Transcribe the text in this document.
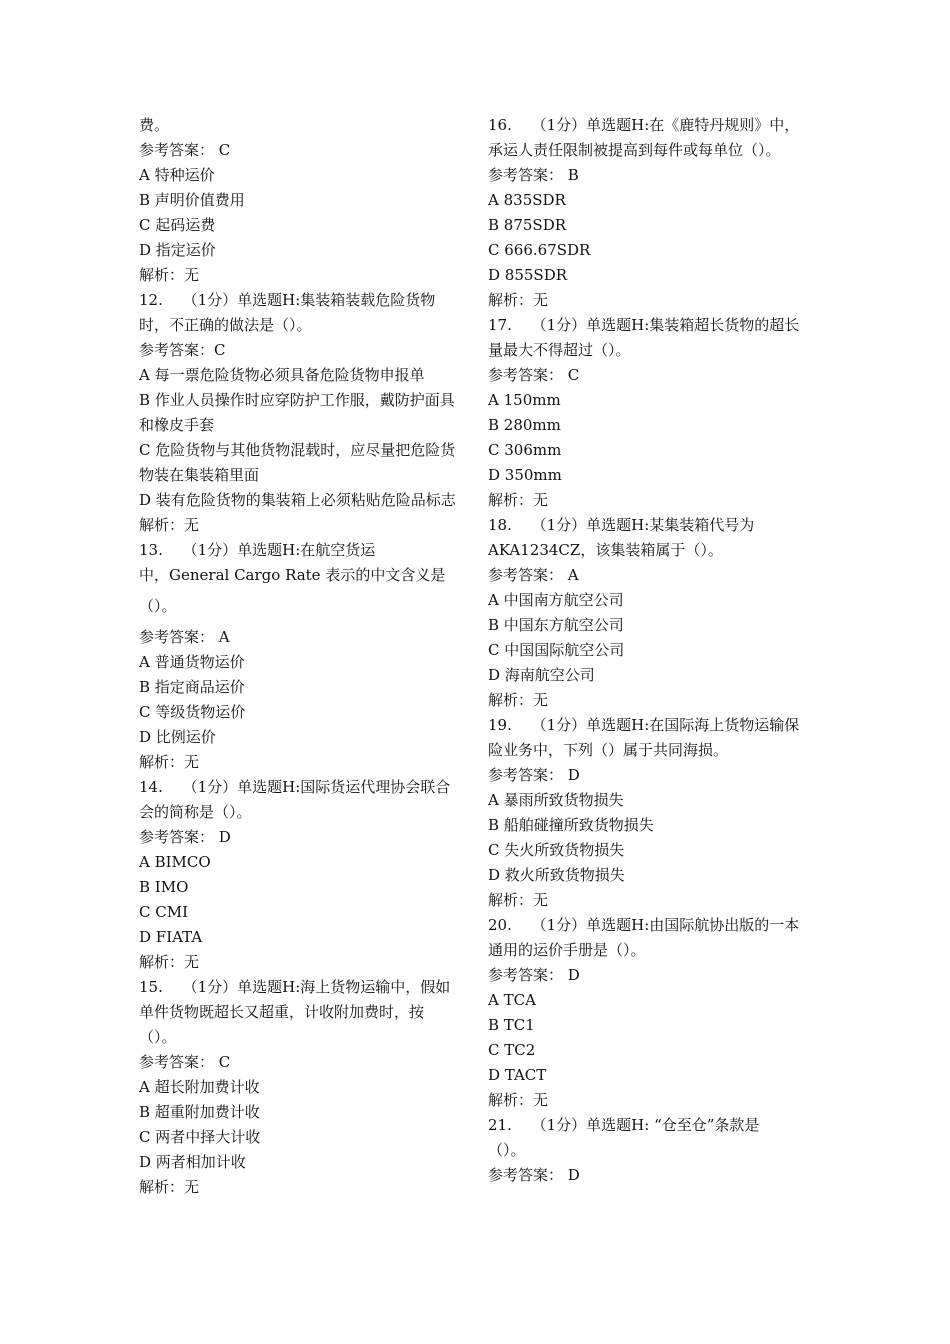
费。
参考答案： C
A 特种运价
B 声明价值费用
C 起码运费
D 指定运价
解析：无
12.　 （1分）单选题H:集装箱装载危险货物
时，不正确的做法是（）。
参考答案：C
A 每一票危险货物必须具备危险货物申报单
B 作业人员操作时应穿防护工作服，戴防护面具
和橡皮手套
C 危险货物与其他货物混载时，应尽量把危险货
物装在集装箱里面
D 装有危险货物的集装箱上必须粘贴危险品标志
解析：无
13.　 （1分）单选题H:在航空货运
中，General Cargo Rate 表示的中文含义是
（）。
参考答案： A
A 普通货物运价
B 指定商品运价
C 等级货物运价
D 比例运价
解析：无
14.　 （1分）单选题H:国际货运代理协会联合
会的简称是（）。
参考答案： D
A BIMCO
B IMO
C CMI
D FIATA
解析：无
15.　 （1分）单选题H:海上货物运输中，假如
单件货物既超长又超重，计收附加费时，按
（）。
参考答案： C
A 超长附加费计收
B 超重附加费计收
C 两者中择大计收
D 两者相加计收
解析：无
16.　 （1分）单选题H:在《鹿特丹规则》中，
承运人责任限制被提高到每件或每单位（）。
参考答案： B
A 835SDR
B 875SDR
C 666.67SDR
D 855SDR
解析：无
17.　 （1分）单选题H:集装箱超长货物的超长
量最大不得超过（）。
参考答案： C
A 150mm
B 280mm
C 306mm
D 350mm
解析：无
18.　 （1分）单选题H:某集装箱代号为
AKA1234CZ，该集装箱属于（）。
参考答案： A
A 中国南方航空公司
B 中国东方航空公司
C 中国国际航空公司
D 海南航空公司
解析：无
19.　 （1分）单选题H:在国际海上货物运输保
险业务中，下列（）属于共同海损。
参考答案： D
A 暴雨所致货物损失
B 船舶碰撞所致货物损失
C 失火所致货物损失
D 救火所致货物损失
解析：无
20.　 （1分）单选题H:由国际航协出版的一本
通用的运价手册是（）。
参考答案： D
A TCA
B TC1
C TC2
D TACT
解析：无
21.　 （1分）单选题H: “仓至仓”条款是
（）。
参考答案： D
